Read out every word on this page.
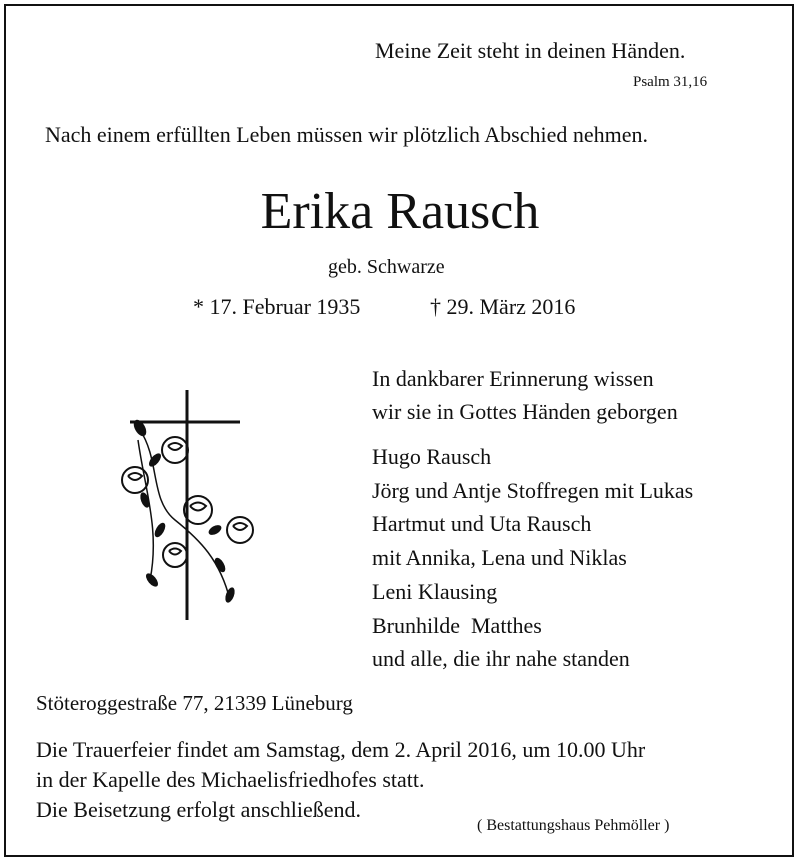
Meine Zeit steht in deinen Händen.
Psalm 31,16
Nach einem erfüllten Leben müssen wir plötzlich Abschied nehmen.
Erika Rausch
geb. Schwarze
* 17. Februar 1935	† 29. März 2016
In dankbarer Erinnerung wissen
wir sie in Gottes Händen geborgen
Hugo Rausch
Jörg und Antje Stoffregen mit Lukas
Hartmut und Uta Rausch
mit Annika, Lena und Niklas
Leni Klausing
Brunhilde  Matthes
und alle, die ihr nahe standen
Stöteroggestraße 77, 21339 Lüneburg
Die Trauerfeier findet am Samstag, dem 2. April 2016, um 10.00 Uhr
in der Kapelle des Michaelisfriedhofes statt.
Die Beisetzung erfolgt anschließend.
( Bestattungshaus Pehmöller )
